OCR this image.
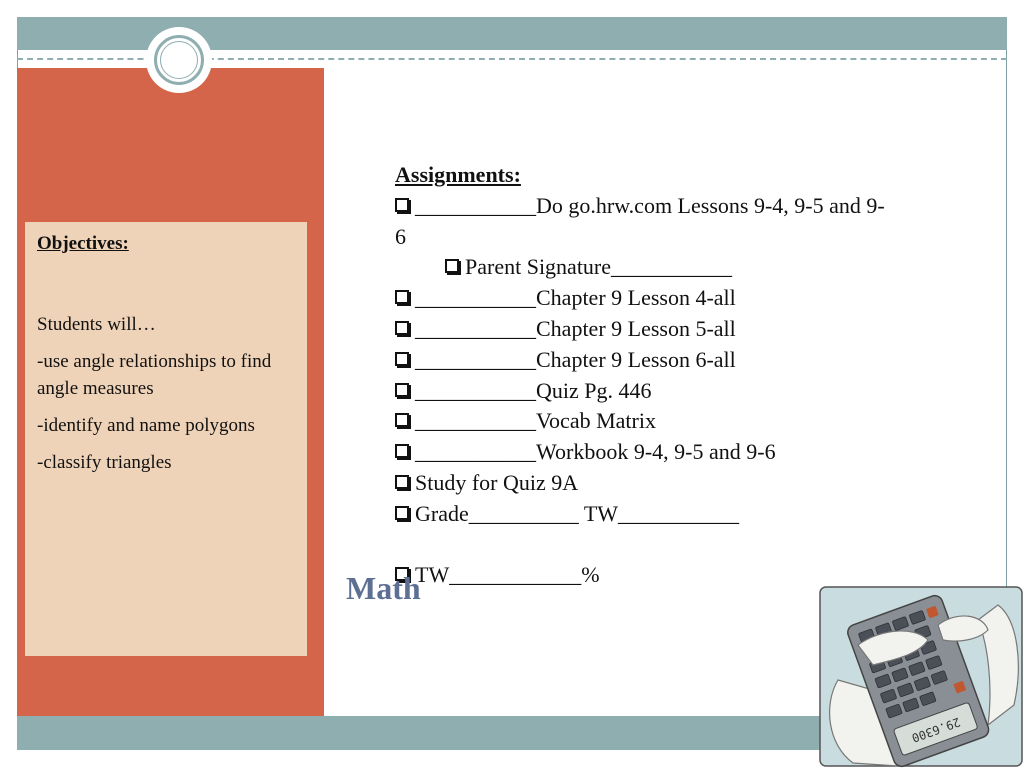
Objectives:
Students will…
-use angle relationships to find angle measures
-identify and name polygons
-classify triangles
Assignments:
___________Do go.hrw.com Lessons 9-4, 9-5 and 9-6
Parent Signature___________
___________Chapter 9 Lesson 4-all
___________Chapter 9 Lesson 5-all
___________Chapter 9 Lesson 6-all
___________Quiz Pg. 446
___________Vocab Matrix
___________Workbook 9-4, 9-5 and 9-6
Study for Quiz 9A
Grade__________ TW___________
TW____________%
Math
29.6300
